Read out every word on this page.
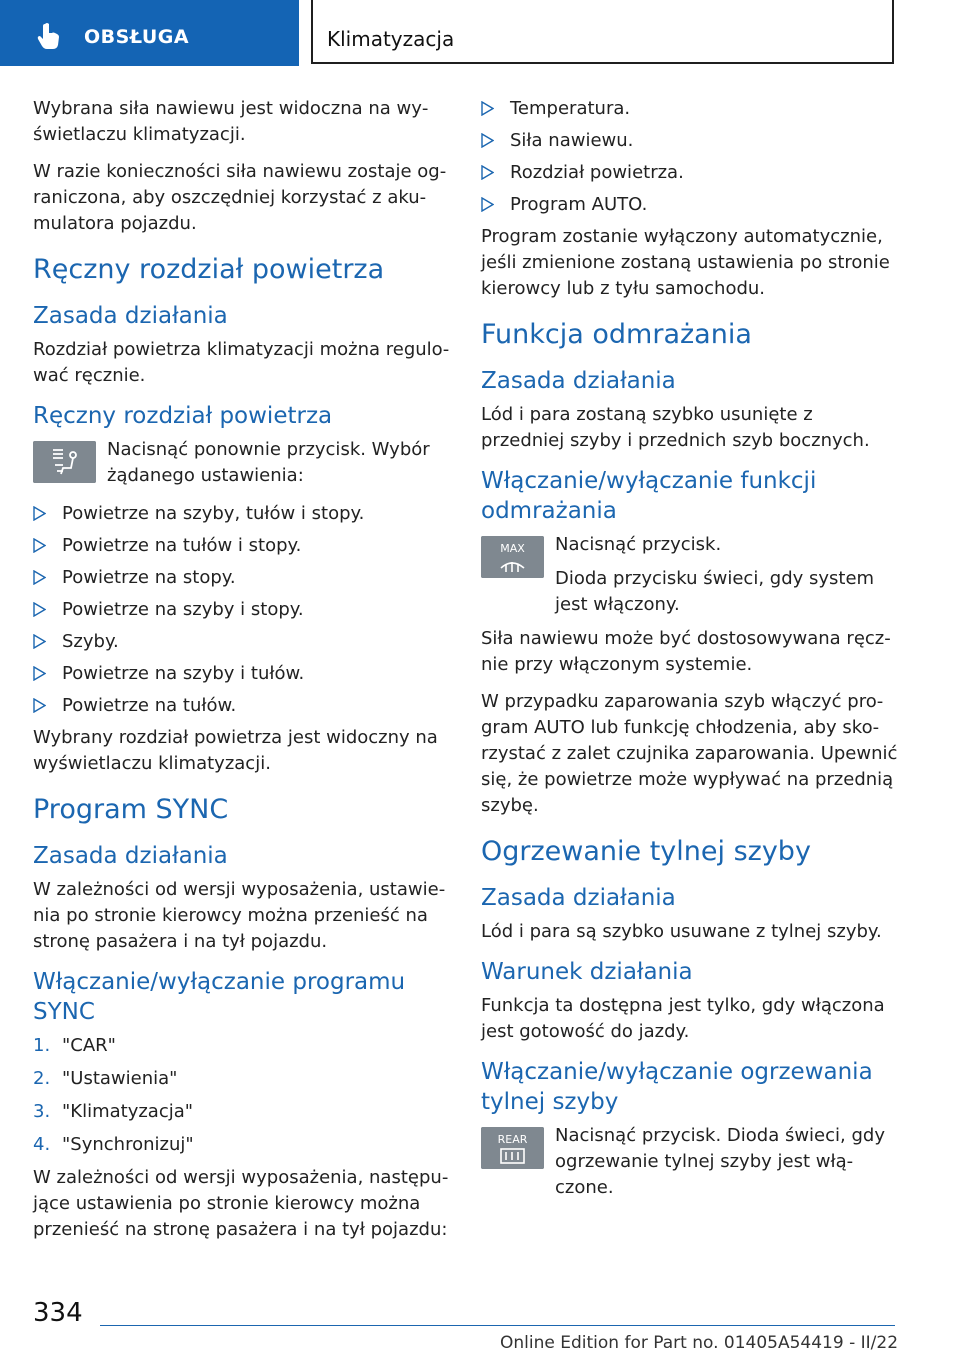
OBSŁUGA	Klimatyzacja

Wybrana siła nawiewu jest widoczna na wyświetlaczu klimatyzacji.

W razie konieczności siła nawiewu zostaje ograniczona, aby oszczędniej korzystać z akumulatora pojazdu.

Ręczny rozdział powietrza
Zasada działania

Rozdział powietrza klimatyzacji można regulować ręcznie.

Ręczny rozdział powietrza

Nacisnąć ponownie przycisk. Wybór żądanego ustawienia:

Powietrze na szyby, tułów i stopy.
Powietrze na tułów i stopy.
Powietrze na stopy.
Powietrze na szyby i stopy.
Szyby.
Powietrze na szyby i tułów.
Powietrze na tułów.

Wybrany rozdział powietrza jest widoczny na wyświetlaczu klimatyzacji.

Program SYNC
Zasada działania

W zależności od wersji wyposażenia, ustawienia po stronie kierowcy można przenieść na stronę pasażera i na tył pojazdu.

Włączanie/wyłączanie programu SYNC
1. "CAR"
2. "Ustawienia"
3. "Klimatyzacja"
4. "Synchronizuj"

W zależności od wersji wyposażenia, następujące ustawienia po stronie kierowcy można przenieść na stronę pasażera i na tył pojazdu:

Temperatura.
Siła nawiewu.
Rozdział powietrza.
Program AUTO.

Program zostanie wyłączony automatycznie, jeśli zmienione zostaną ustawienia po stronie kierowcy lub z tyłu samochodu.

Funkcja odmrażania
Zasada działania

Lód i para zostaną szybko usunięte z przedniej szyby i przednich szyb bocznych.

Włączanie/wyłączanie funkcji odmrażania
MAX Nacisnąć przycisk.

Dioda przycisku świeci, gdy system jest włączony.

Siła nawiewu może być dostosowywana ręcznie przy włączonym systemie.

W przypadku zaparowania szyb włączyć program AUTO lub funkcję chłodzenia, aby skorzystać z zalet czujnika zaparowania. Upewnić się, że powietrze może wypływać na przednią szybę.

Ogrzewanie tylnej szyby
Zasada działania

Lód i para są szybko usuwane z tylnej szyby.

Warunek działania

Funkcja ta dostępna jest tylko, gdy włączona jest gotowość do jazdy.

Włączanie/wyłączanie ogrzewania tylnej szyby
REAR Nacisnąć przycisk. Dioda świeci, gdy ogrzewanie tylnej szyby jest włączone.

334
Online Edition for Part no. 01405A54419 - II/22
